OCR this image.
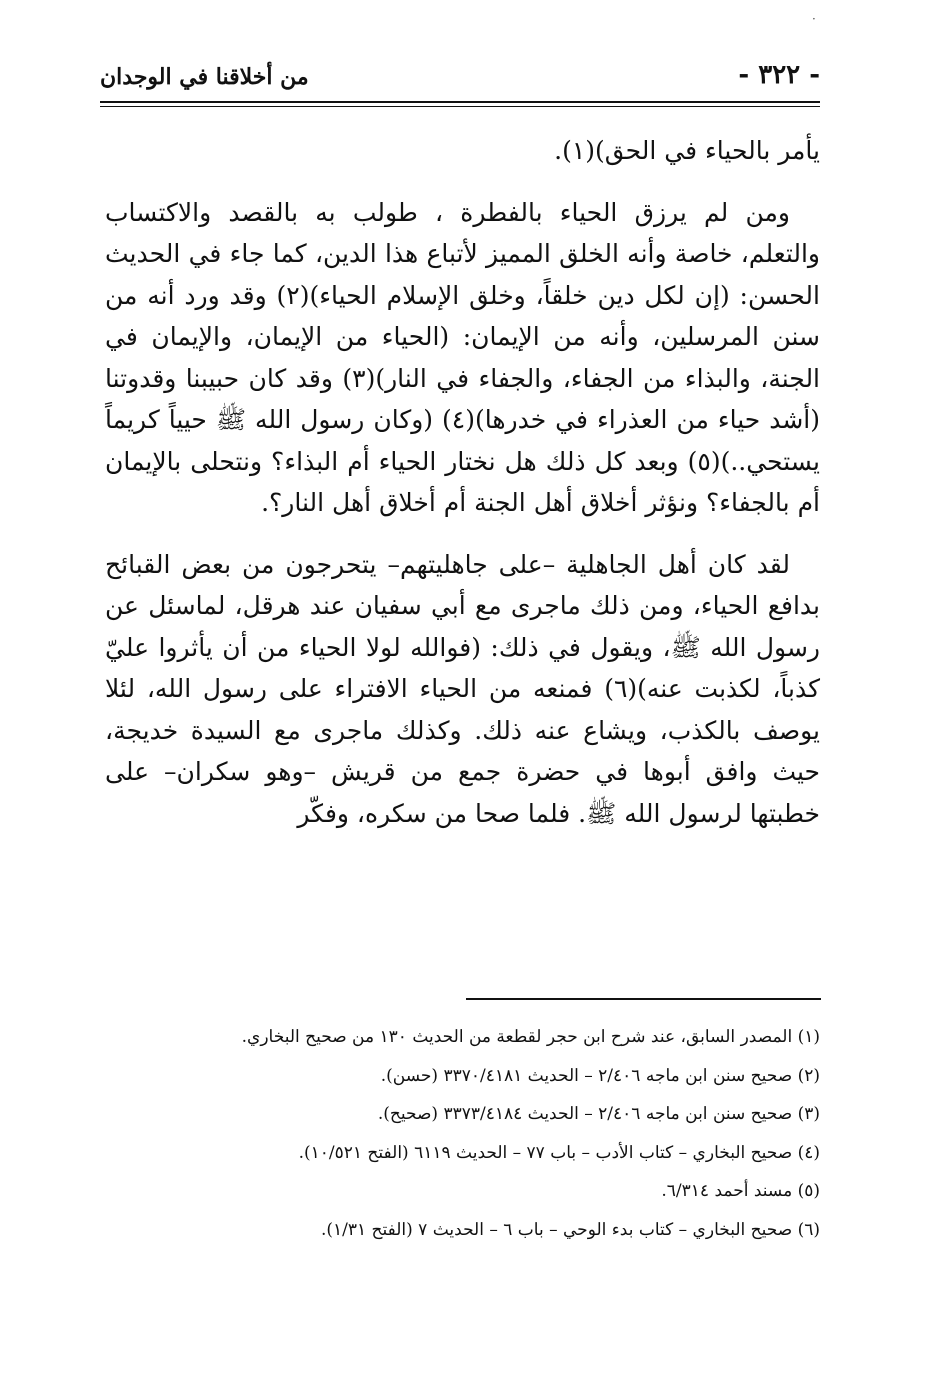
·
- ٣٢٢ -
من أخلاقنا في الوجدان

يأمر بالحياء في الحق)(١).

ومن لم يرزق الحياء بالفطرة ، طولب به بالقصد والاكتساب والتعلم، خاصة وأنه الخلق المميز لأتباع هذا الدين، كما جاء في الحديث الحسن: (إن لكل دين خلقاً، وخلق الإسلام الحياء)(٢) وقد ورد أنه من سنن المرسلين، وأنه من الإيمان: (الحياء من الإيمان، والإيمان في الجنة، والبذاء من الجفاء، والجفاء في النار)(٣) وقد كان حبيبنا وقدوتنا (أشد حياء من العذراء في خدرها)(٤) (وكان رسول الله ﷺ حيياً كريماً يستحي..)(٥) وبعد كل ذلك هل نختار الحياء أم البذاء؟ ونتحلى بالإيمان أم بالجفاء؟ ونؤثر أخلاق أهل الجنة أم أخلاق أهل النار؟.

لقد كان أهل الجاهلية –على جاهليتهم– يتحرجون من بعض القبائح بدافع الحياء، ومن ذلك ماجرى مع أبي سفيان عند هرقل، لماسئل عن رسول الله ﷺ، ويقول في ذلك: (فوالله لولا الحياء من أن يأثروا عليّ كذباً، لكذبت عنه)(٦) فمنعه من الحياء الافتراء على رسول الله، لئلا يوصف بالكذب، ويشاع عنه ذلك. وكذلك ماجرى مع السيدة خديجة، حيث وافق أبوها في حضرة جمع من قريش –وهو سكران– على خطبتها لرسول الله ﷺ. فلما صحا من سكره، وفكّر

(١) المصدر السابق، عند شرح ابن حجر لقطعة من الحديث ١٣٠ من صحيح البخاري.

(٢) صحيح سنن ابن ماجه ٢/٤٠٦ – الحديث ٣٣٧٠/٤١٨١ (حسن).

(٣) صحيح سنن ابن ماجه ٢/٤٠٦ – الحديث ٣٣٧٣/٤١٨٤ (صحيح).

(٤) صحيح البخاري – كتاب الأدب – باب ٧٧ – الحديث ٦١١٩ (الفتح ١٠/٥٢١).

(٥) مسند أحمد ٦/٣١٤.

(٦) صحيح البخاري – كتاب بدء الوحي – باب ٦ – الحديث ٧ (الفتح ١/٣١).
